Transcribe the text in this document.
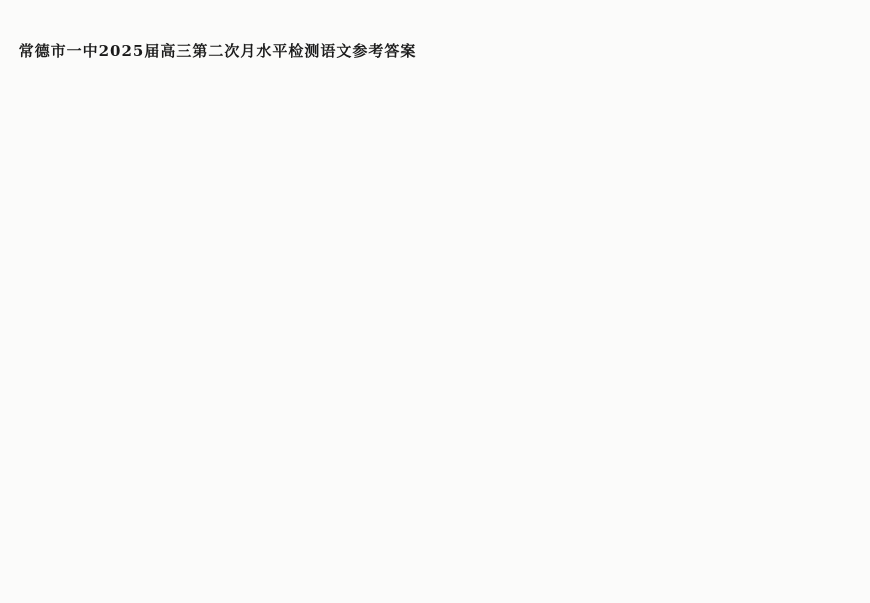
常德市一中2025届高三第二次月水平检测语文参考答案
